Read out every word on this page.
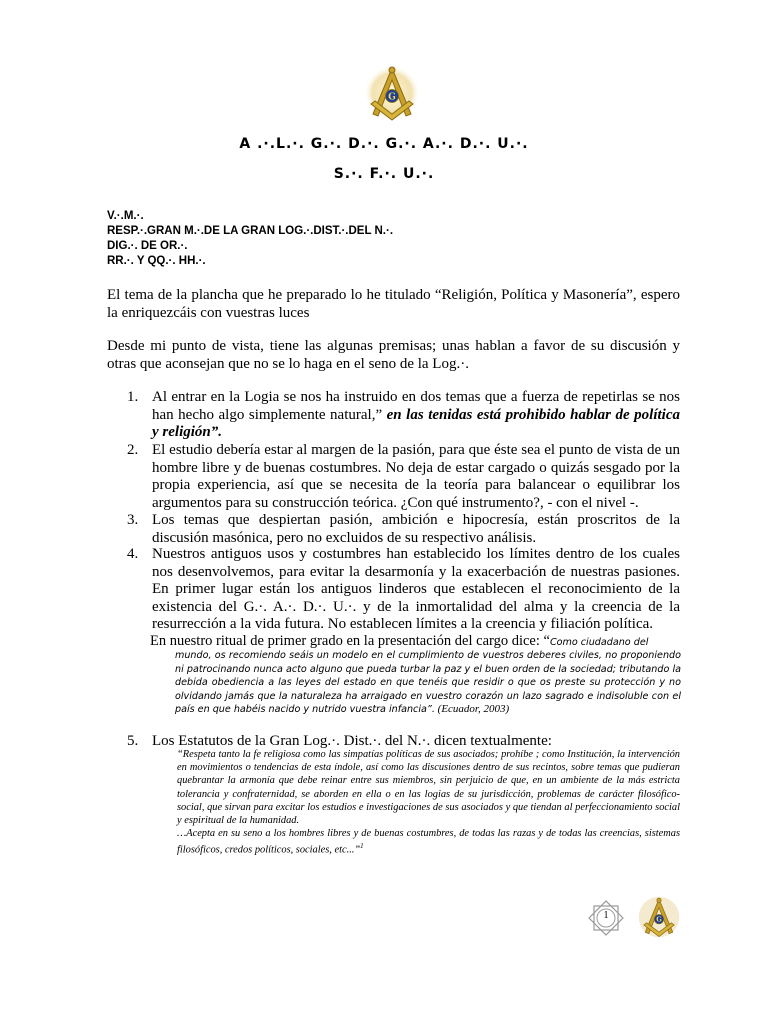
G
A .·.L.·. G.·. D.·. G.·. A.·. D.·. U.·.
S.·. F.·. U.·.
V.·.M.·.
RESP.·.GRAN M.·.DE LA GRAN LOG.·.DIST.·.DEL N.·.
DIG.·. DE OR.·.
RR.·. Y QQ.·. HH.·.
El tema de la plancha que he preparado lo he titulado “Religión, Política y Masonería”, espero la enriquezcáis con vuestras luces
Desde mi punto de vista, tiene las algunas premisas; unas hablan a favor de su discusión y otras que aconsejan que no se lo haga en el seno de la Log.·.
1. Al entrar en la Logia se nos ha instruido en dos temas que a fuerza de repetirlas se nos han hecho algo simplemente natural,” en las tenidas está prohibido hablar de política y religión”.
2. El estudio debería estar al margen de la pasión, para que éste sea el punto de vista de un hombre libre y de buenas costumbres. No deja de estar cargado o quizás sesgado por la propia experiencia, así que se necesita de la teoría para balancear o equilibrar los argumentos para su construcción teórica. ¿Con qué instrumento?, - con el nivel -.
3. Los temas que despiertan pasión, ambición e hipocresía, están proscritos de la discusión masónica, pero no excluidos de su respectivo análisis.
4. Nuestros antiguos usos y costumbres han establecido los límites dentro de los cuales nos desenvolvemos, para evitar la desarmonía y la exacerbación de nuestras pasiones. En primer lugar están los antiguos linderos que establecen el reconocimiento de la existencia del G.·. A.·. D.·. U.·. y de la inmortalidad del alma y la creencia de la resurrección a la vida futura. No establecen límites a la creencia y filiación política.
En nuestro ritual de primer grado en la presentación del cargo dice: “Como ciudadano del
mundo, os recomiendo seáis un modelo en el cumplimiento de vuestros deberes civiles, no proponiendo ni patrocinando nunca acto alguno que pueda turbar la paz y el buen orden de la sociedad; tributando la debida obediencia a las leyes del estado en que tenéis que residir o que os preste su protección y no olvidando jamás que la naturaleza ha arraigado en vuestro corazón un lazo sagrado e indisoluble con el país en que habéis nacido y nutrido vuestra infancia”. (Ecuador, 2003)
5. Los Estatutos de la Gran Log.·. Dist.·. del N.·. dicen textualmente:

“Respeta tanto la fe religiosa como las simpatías políticas de sus asociados; prohíbe ; como Institución, la intervención en movimientos o tendencias de esta índole, así como las discusiones dentro de sus recintos, sobre temas que pudieran quebrantar la armonía que debe reinar entre sus miembros, sin perjuicio de que, en un ambiente de la más estricta tolerancia y confraternidad, se aborden en ella o en las logias de su jurisdicción, problemas de carácter filosófico-social, que sirvan para excitar los estudios e investigaciones de sus asociados y que tiendan al perfeccionamiento social y espiritual de la humanidad.

…Acepta en su seno a los hombres libres y de buenas costumbres, de todas las razas y de todas las creencias, sistemas filosóficos, credos políticos, sociales, etc...”$^1$

1	G
